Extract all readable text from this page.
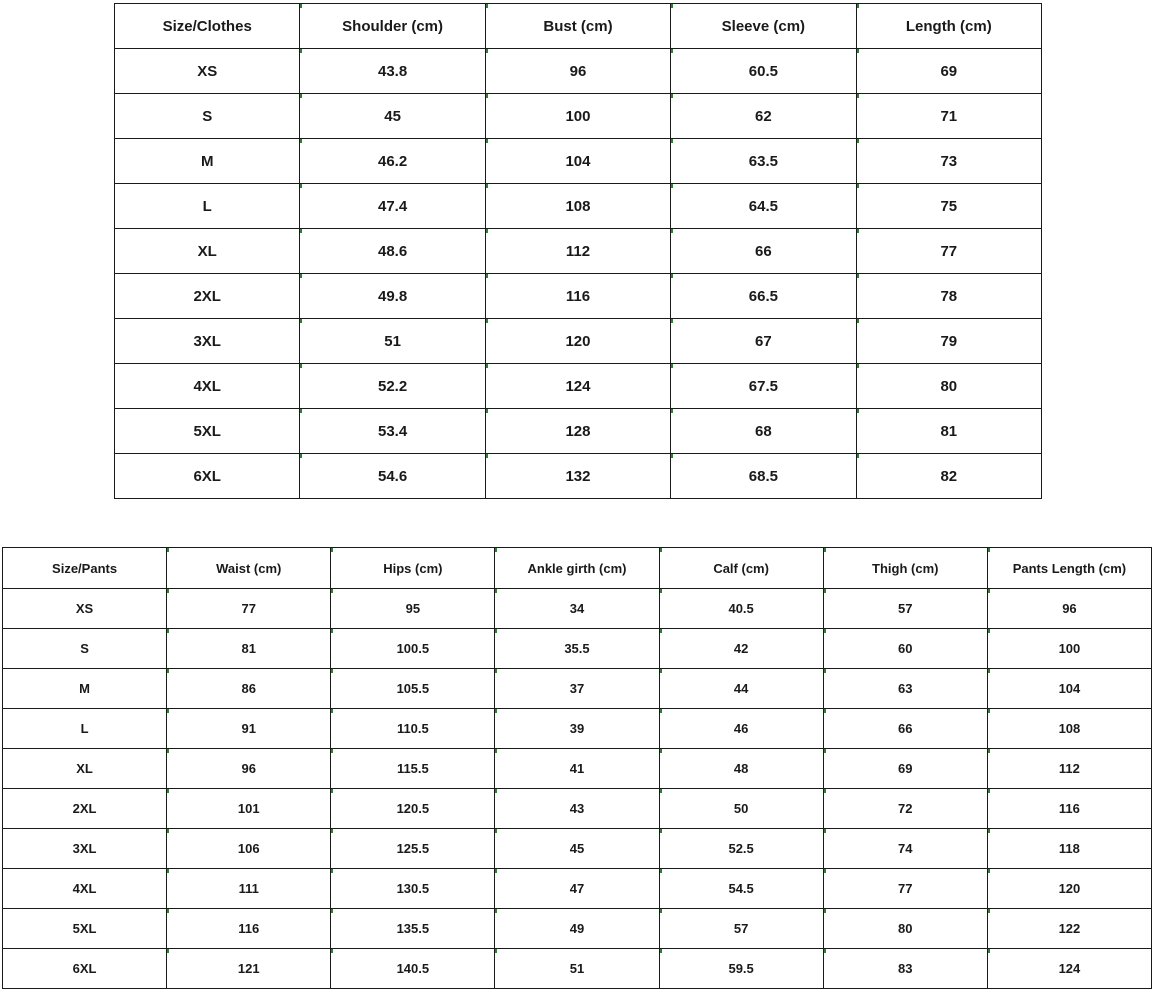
Size/Clothes	Shoulder (cm)	Bust (cm)	Sleeve (cm)	Length (cm)
XS	43.8	96	60.5	69
S	45	100	62	71
M	46.2	104	63.5	73
L	47.4	108	64.5	75
XL	48.6	112	66	77
2XL	49.8	116	66.5	78
3XL	51	120	67	79
4XL	52.2	124	67.5	80
5XL	53.4	128	68	81
6XL	54.6	132	68.5	82
Size/Pants	Waist (cm)	Hips (cm)	Ankle girth (cm)	Calf (cm)	Thigh (cm)	Pants Length (cm)
XS	77	95	34	40.5	57	96
S	81	100.5	35.5	42	60	100
M	86	105.5	37	44	63	104
L	91	110.5	39	46	66	108
XL	96	115.5	41	48	69	112
2XL	101	120.5	43	50	72	116
3XL	106	125.5	45	52.5	74	118
4XL	111	130.5	47	54.5	77	120
5XL	116	135.5	49	57	80	122
6XL	121	140.5	51	59.5	83	124
